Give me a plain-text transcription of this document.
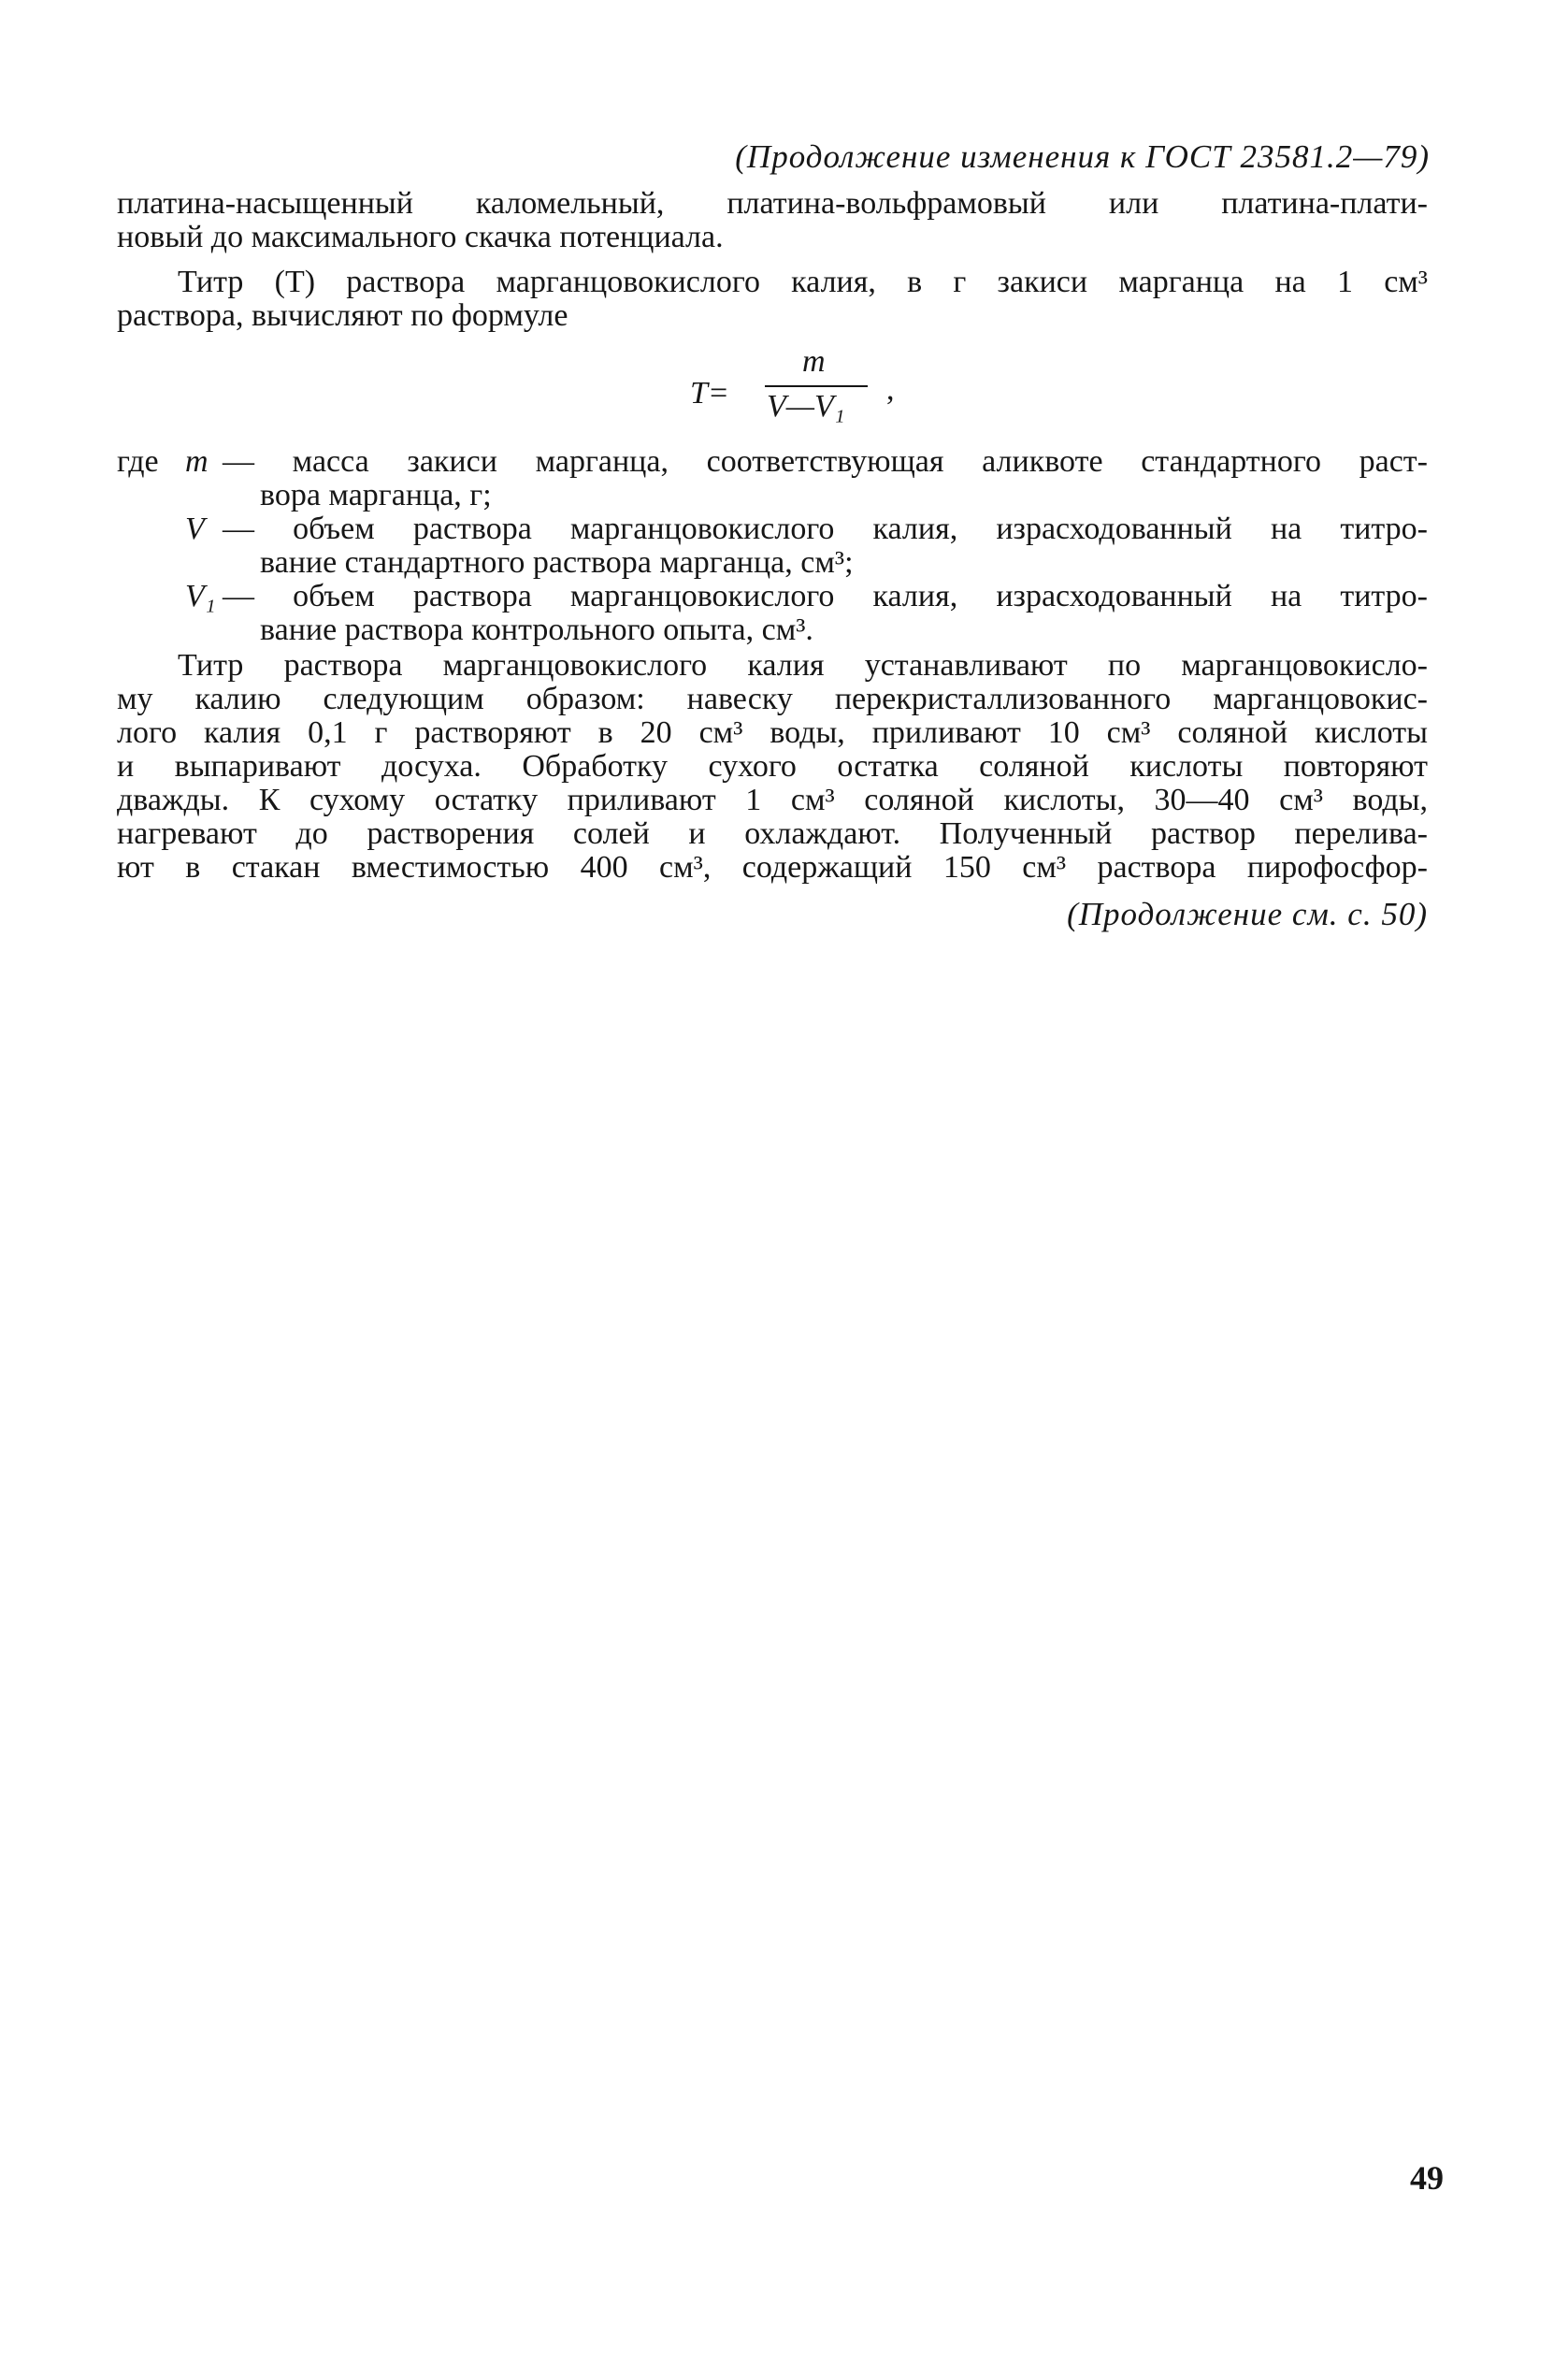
(Продолжение изменения к ГОСТ 23581.2—79)
платина-насыщенный каломельный, платина-вольфрамовый или платина-плати-
новый до максимального скачка потенциала.
Титр (T) раствора марганцовокислого калия, в г закиси марганца на 1 см³
раствора, вычисляют по формуле
T=
m
V—V₁ ,
где m — масса закиси марганца, соответствующая аликвоте стандартного раст-
вора марганца, г;
V — объем раствора марганцовокислого калия, израсходованный на титро-
вание стандартного раствора марганца, см³;
V₁ — объем раствора марганцовокислого калия, израсходованный на титро-
вание раствора контрольного опыта, см³.
Титр раствора марганцовокислого калия устанавливают по марганцовокисло-
му калию следующим образом: навеску перекристаллизованного марганцовокис-
лого калия 0,1 г растворяют в 20 см³ воды, приливают 10 см³ соляной кислоты
и выпаривают досуха. Обработку сухого остатка соляной кислоты повторяют
дважды. К сухому остатку приливают 1 см³ соляной кислоты, 30—40 см³ воды,
нагревают до растворения солей и охлаждают. Полученный раствор перелива-
ют в стакан вместимостью 400 см³, содержащий 150 см³ раствора пирофосфор-
(Продолжение см. с. 50)
49
